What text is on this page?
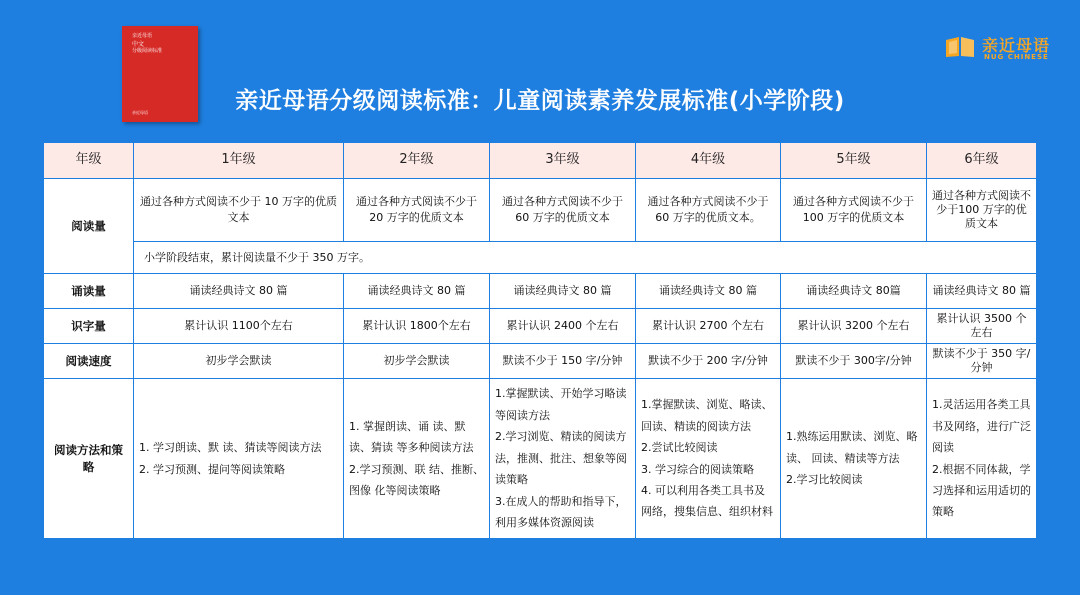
亲近母语
中文
分级阅读标准
亲近母语
亲近母语
NUG CHINESE
亲近母语分级阅读标准：儿童阅读素养发展标准(小学阶段)
年级	1年级	2年级	3年级	4年级	5年级	6年级
阅读量	通过各种方式阅读不少于 10 万字的优质文本	通过各种方式阅读不少于 20 万字的优质文本	通过各种方式阅读不少于 60 万字的优质文本	通过各种方式阅读不少于 60 万字的优质文本。	通过各种方式阅读不少于 100 万字的优质文本	通过各种方式阅读不少于100 万字的优质文本
	小学阶段结束，累计阅读量不少于 350 万字。					
诵读量	诵读经典诗文 80 篇	诵读经典诗文 80 篇	诵读经典诗文 80 篇	诵读经典诗文 80 篇	诵读经典诗文 80篇	诵读经典诗文 80 篇
识字量	累计认识 1100个左右	累计认识 1800个左右	累计认识 2400 个左右	累计认识 2700 个左右	累计认识 3200 个左右	累计认识 3500 个左右
阅读速度	初步学会默读	初步学会默读	默读不少于 150 字/分钟	默读不少于 200 字/分钟	默读不少于 300字/分钟	默读不少于 350 字/分钟
阅读方法和策略	1. 学习朗读、默 读、猜读等阅读方法
2. 学习预测、提问等阅读策略	1. 掌握朗读、诵 读、默读、猜读 等多种阅读方法
2.学习预测、联 结、推断、图像 化等阅读策略	1.掌握默读、开始学习略读等阅读方法
2.学习浏览、精读的阅读方法，推测、批注、想象等阅读策略
3.在成人的帮助和指导下，利用多媒体资源阅读	1.掌握默读、浏览、略读、回读、精读的阅读方法
2.尝试比较阅读
3. 学习综合的阅读策略
4. 可以利用各类工具书及网络，搜集信息、组织材料	1.熟练运用默读、浏览、略读、 回读、精读等方法
2.学习比较阅读	1.灵活运用各类工具书及网络，进行广泛阅读
2.根据不同体裁，学习选择和运用适切的策略
